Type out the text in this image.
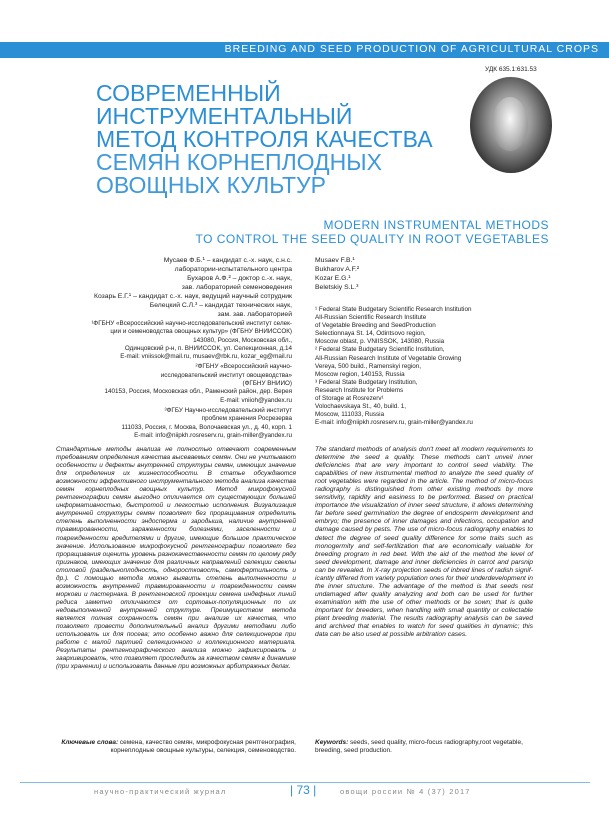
BREEDING AND SEED PRODUCTION OF AGRICULTURAL CROPS
УДК 635.1:631.53
СОВРЕМЕННЫЙ
ИНСТРУМЕНТАЛЬНЫЙ
МЕТОД КОНТРОЛЯ КАЧЕСТВА
СЕМЯН КОРНЕПЛОДНЫХ
ОВОЩНЫХ КУЛЬТУР
MODERN INSTRUMENTAL METHODS
TO CONTROL THE SEED QUALITY IN ROOT VEGETABLES

Мусаев Ф.Б.¹ – кандидат с.-х. наук, с.н.с.

лаборатории-испытательного центра

Бухаров А.Ф.² – доктор с.-х. наук,

зав. лабораторией семеноведения

Козарь Е.Г.¹ – кандидат с.-х. наук, ведущий научный сотрудник

Белецкий С.Л.³ – кандидат технических наук,

зам. зав. лабораторией

¹ФГБНУ «Всероссийский научно-исследовательский институт селек-

ции и семеноводства овощных культур» (ФГБНУ ВНИИССОК)

143080, Россия, Московская обл.,

Одинцовский р-н, п. ВНИИССОК, ул. Селекционная, д.14

E-mail: vniissok@mail.ru, musaev@rbk.ru, kozar_eg@mail.ru

²ФГБНУ «Всероссийский научно-

исследовательский институт овощеводства»

(ФГБНУ ВНИИО)

140153, Россия, Московская обл., Раменский район, дер. Верея

E-mail: vniioh@yandex.ru

³ФГБУ Научно-исследовательский институт

проблем хранения Росрезерва

111033, Россия, г. Москва, Волочаевская ул., д. 40, корп. 1

E-mail: info@niipkh.rosreserv.ru, grain-miller@yandex.ru

Musaev F.B.¹

Bukharov A.F.²

Kozar E.G.¹

Beletskiy S.L.³

¹ Federal State Budgetary Scientific Research Institution

All-Russian Scientific Research Institute

of Vegetable Breeding and SeedProduction

Selectionnaya St. 14, Odintsovo region,

Moscow oblast, p. VNIISSOK, 143080, Russia

² Federal State Budgetary Scientific Institution,

All-Russian Research Institute of Vegetable Growing

Vereya, 500 build., Ramenskyi region,

Moscow region, 140153, Russia

³ Federal State Budgetary Institution,

Research Institute for Problems

of Storage at Rosrezerv¹

Volochaevskaya St., 40, build. 1,

Moscow, 111033, Russia

E-mail: info@niipkh.rosreserv.ru, grain-miller@yandex.ru

Стандартные методы анализа не полностью отвечают современным требованиям определения качества высеваемых семян. Они не учитывают особенности и дефекты внутренней структуры семян, имеющих значение для определения их жизнеспособности. В статье обсуждаются возможности эффективного инструментального метода анализа качества семян корнеплодных овощных культур. Метод микрофокусной рентгенографии семян выгодно отличается от существующих большей информативностью, быстротой и легкостью исполнения. Визуализация внутренней структуры семян позволяет без проращивания определить степень выполненности эндосперма и зародыша, наличие внутренней травмированности, зараженности болезнями, заселенности и поврежденности вредителями и другие, имеющие большое практическое значение. Использование микрофокусной рентгенографии позволяет без проращивания оценить уровень разнокачественности семян по целому ряду признаков, имеющих значение для различных направлений селекции свеклы столовой (раздельноплодность, однoростковость, самофертильность и др.). С помощью метода можно выявить степень выполненности и возможность внутренней травмированности и поврежденности семян моркови и пастернака. В рентгеновской проекции семена индефных линий редиса заметно отличаются от сортовых-популяционных по их недовыполненной внутренней структуре. Преимуществом метода является полная сохранность семян при анализе их качества, что позволяет провести дополнительный анализ другими методами либо использовать их для посева; это особенно важно для селекционеров при работе с малой партией селекционного и коллекционного материала. Результаты рентгенографического анализа можно зафиксировать и заархивировать, что позволяет проследить за качеством семян в динамике (при хранении) и использовать данные при возможных арбитражных делах.

The standard methods of analysis don't meet all modern requirements to determine the seed a quality. These methods can't unveil inner deficiencies that are very important to control seed viability. The capabilities of new instrumental method to analyze the seed quality of root vegetables were regarded in the article. The method of micro-focus radiography is distinguished from other existing methods by more sensitivity, rapidity and easiness to be performed. Based on practical importance the visualization of inner seed structure, it allows determining far before seed germination the degree of endosperm development and embryo; the presence of inner damages and infections, occupation and damage caused by pests. The use of micro-focus radiography enables to detect the degree of seed quality difference for some traits such as monogermity and self-fertilization that are economically valuable for breeding program in red beet. With the aid of the method the level of seed development, damage and inner deficiencies in carrot and parsnip can be revealed. In X-ray projection seeds of inbred lines of radish significantly differed from variety population ones for their underdevelopment in the inner structure. The advantage of the method is that seeds rest undamaged after quality analyzing and both can be used for further examination with the use of other methods or be sown; that is quite important for breeders, when handling with small quantity or collectable plant breeding material. The results radiography analysis can be saved and archived that enables to watch for seed qualities in dynamic; this data can be also used at possible arbitration cases.

Ключевые слова: семена, качество семян, микрофокусная рентгенография, корнеплодные овощные культуры, селекция, семеноводство.

Keywords: seeds, seed quality, micro-focus radiography,root vegetable, breeding, seed production.

научно-практический журнал	| 73 |	овощи россии № 4 (37) 2017
